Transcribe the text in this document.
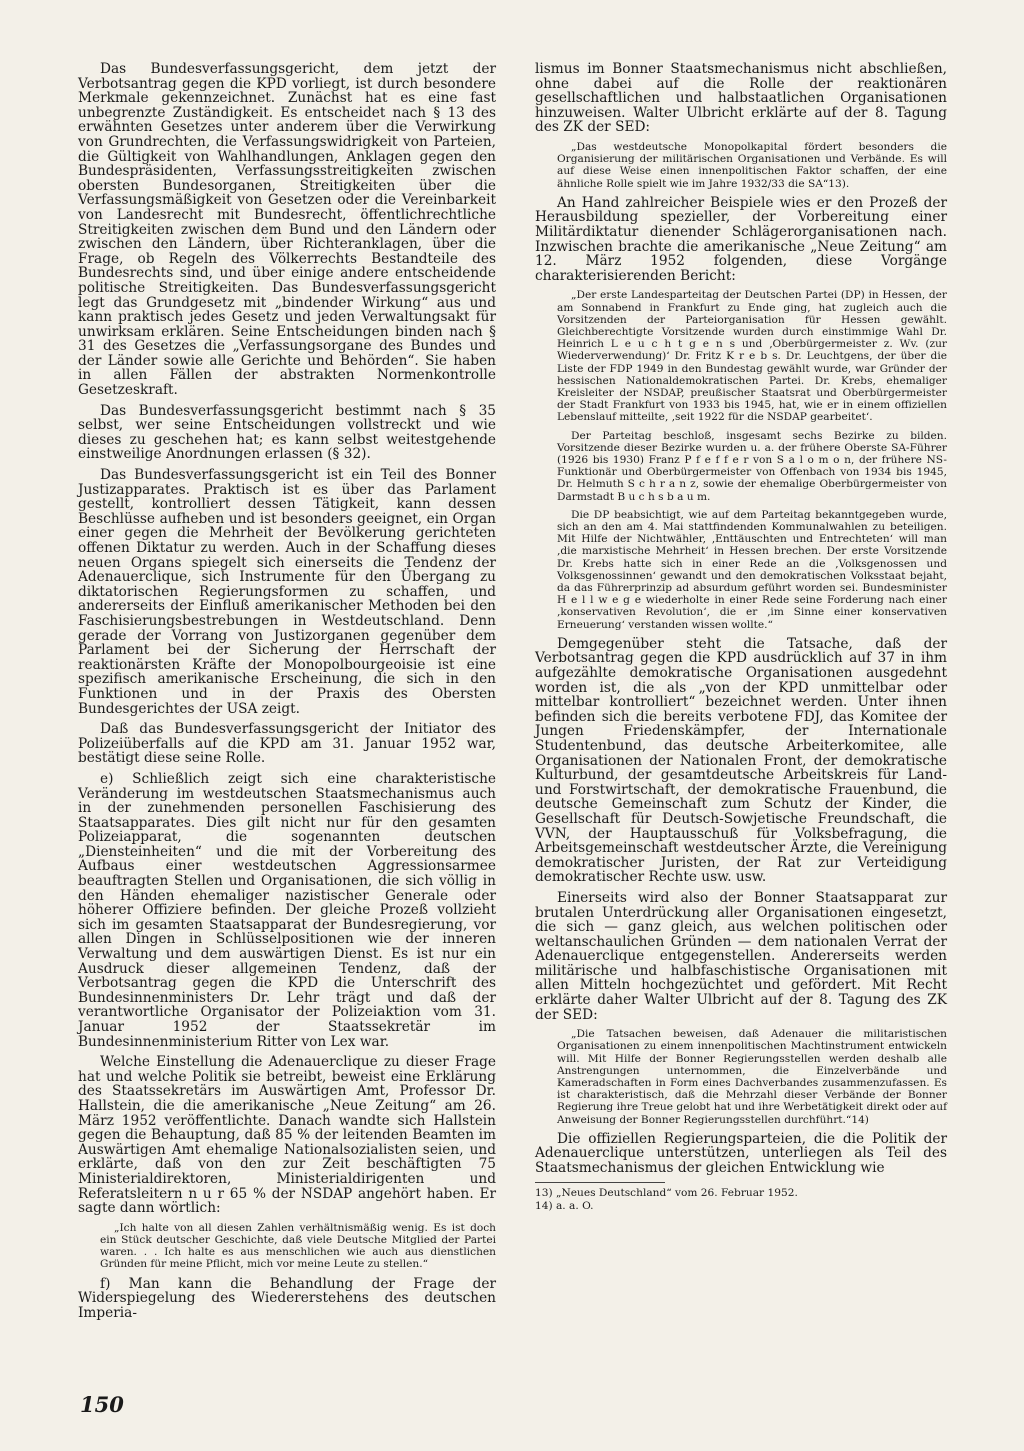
Das Bundesverfassungsgericht, dem jetzt der Verbotsantrag gegen die KPD vorliegt, ist durch besondere Merkmale gekennzeichnet. Zunächst hat es eine fast unbegrenzte Zuständigkeit. Es entscheidet nach § 13 des erwähnten Gesetzes unter anderem über die Verwirkung von Grundrechten, die Verfassungswidrigkeit von Parteien, die Gültigkeit von Wahlhandlungen, Anklagen gegen den Bundespräsidenten, Verfassungsstreitigkeiten zwischen obersten Bundesorganen, Streitigkeiten über die Verfassungsmäßigkeit von Gesetzen oder die Vereinbarkeit von Landesrecht mit Bundesrecht, öffentlichrechtliche Streitigkeiten zwischen dem Bund und den Ländern oder zwischen den Ländern, über Richteranklagen, über die Frage, ob Regeln des Völkerrechts Bestandteile des Bundesrechts sind, und über einige andere entscheidende politische Streitigkeiten. Das Bundesverfassungsgericht legt das Grundgesetz mit „bindender Wirkung“ aus und kann praktisch jedes Gesetz und jeden Verwaltungsakt für unwirksam erklären. Seine Entscheidungen binden nach § 31 des Gesetzes die „Verfassungsorgane des Bundes und der Länder sowie alle Gerichte und Behörden“. Sie haben in allen Fällen der abstrakten Normenkontrolle Gesetzeskraft.

Das Bundesverfassungsgericht bestimmt nach § 35 selbst, wer seine Entscheidungen vollstreckt und wie dieses zu geschehen hat; es kann selbst weitestgehende einstweilige Anordnungen erlassen (§ 32).

Das Bundesverfassungsgericht ist ein Teil des Bonner Justizapparates. Praktisch ist es über das Parlament gestellt, kontrolliert dessen Tätigkeit, kann dessen Beschlüsse aufheben und ist besonders geeignet, ein Organ einer gegen die Mehrheit der Bevölkerung gerichteten offenen Diktatur zu werden. Auch in der Schaffung dieses neuen Organs spiegelt sich einerseits die Tendenz der Adenauerclique, sich Instrumente für den Übergang zu diktatorischen Regierungsformen zu schaffen, und andererseits der Einfluß amerikanischer Methoden bei den Faschisierungsbestrebungen in Westdeutschland. Denn gerade der Vorrang von Justizorganen gegenüber dem Parlament bei der Sicherung der Herrschaft der reaktionärsten Kräfte der Monopolbourgeoisie ist eine spezifisch amerikanische Erscheinung, die sich in den Funktionen und in der Praxis des Obersten Bundesgerichtes der USA zeigt.

Daß das Bundesverfassungsgericht der Initiator des Polizeiüberfalls auf die KPD am 31. Januar 1952 war, bestätigt diese seine Rolle.

e) Schließlich zeigt sich eine charakteristische Veränderung im westdeutschen Staatsmechanismus auch in der zunehmenden personellen Faschisierung des Staatsapparates. Dies gilt nicht nur für den gesamten Polizeiapparat, die sogenannten deutschen „Diensteinheiten“ und die mit der Vorbereitung des Aufbaus einer westdeutschen Aggressionsarmee beauftragten Stellen und Organisationen, die sich völlig in den Händen ehemaliger nazistischer Generale oder höherer Offiziere befinden. Der gleiche Prozeß vollzieht sich im gesamten Staatsapparat der Bundesregierung, vor allen Dingen in Schlüsselpositionen wie der inneren Verwaltung und dem auswärtigen Dienst. Es ist nur ein Ausdruck dieser allgemeinen Tendenz, daß der Verbotsantrag gegen die KPD die Unterschrift des Bundesinnenministers Dr. Lehr trägt und daß der verantwortliche Organisator der Polizeiaktion vom 31. Januar 1952 der Staatssekretär im Bundesinnenministerium Ritter von Lex war.

Welche Einstellung die Adenauerclique zu dieser Frage hat und welche Politik sie betreibt, beweist eine Erklärung des Staatssekretärs im Auswärtigen Amt, Professor Dr. Hallstein, die die amerikanische „Neue Zeitung“ am 26. März 1952 veröffentlichte. Danach wandte sich Hallstein gegen die Behauptung, daß 85 % der leitenden Beamten im Auswärtigen Amt ehemalige Nationalsozialisten seien, und erklärte, daß von den zur Zeit beschäftigten 75 Ministerialdirektoren, Ministerialdirigenten und Referatsleitern n u r 65 % der NSDAP angehört haben. Er sagte dann wörtlich:

„Ich halte von all diesen Zahlen verhältnismäßig wenig. Es ist doch ein Stück deutscher Geschichte, daß viele Deutsche Mitglied der Partei waren. . . Ich halte es aus menschlichen wie auch aus dienstlichen Gründen für meine Pflicht, mich vor meine Leute zu stellen.“

f) Man kann die Behandlung der Frage der Widerspiegelung des Wiedererstehens des deutschen Imperia-

lismus im Bonner Staatsmechanismus nicht abschließen, ohne dabei auf die Rolle der reaktionären gesellschaftlichen und halbstaatlichen Organisationen hinzuweisen. Walter Ulbricht erklärte auf der 8. Tagung des ZK der SED:

„Das westdeutsche Monopolkapital fördert besonders die Organisierung der militärischen Organisationen und Verbände. Es will auf diese Weise einen innenpolitischen Faktor schaffen, der eine ähnliche Rolle spielt wie im Jahre 1932/33 die SA“13).

An Hand zahlreicher Beispiele wies er den Prozeß der Herausbildung spezieller, der Vorbereitung einer Militärdiktatur dienender Schlägerorganisationen nach. Inzwischen brachte die amerikanische „Neue Zeitung“ am 12. März 1952 folgenden, diese Vorgänge charakterisierenden Bericht:

„Der erste Landesparteitag der Deutschen Partei (DP) in Hessen, der am Sonnabend in Frankfurt zu Ende ging, hat zugleich auch die Vorsitzenden der Parteiorganisation für Hessen gewählt. Gleichberechtigte Vorsitzende wurden durch einstimmige Wahl Dr. Heinrich L e u c h t g e n s und ‚Oberbürgermeister z. Wv. (zur Wiederverwendung)‘ Dr. Fritz K r e b s. Dr. Leuchtgens, der über die Liste der FDP 1949 in den Bundestag gewählt wurde, war Gründer der hessischen Nationaldemokratischen Partei. Dr. Krebs, ehemaliger Kreisleiter der NSDAP, preußischer Staatsrat und Oberbürgermeister der Stadt Frankfurt von 1933 bis 1945, hat, wie er in einem offiziellen Lebenslauf mitteilte, ‚seit 1922 für die NSDAP gearbeitet‘.

Der Parteitag beschloß, insgesamt sechs Bezirke zu bilden. Vorsitzende dieser Bezirke wurden u. a. der frühere Oberste SA-Führer (1926 bis 1930) Franz P f e f f e r von S a l o m o n, der frühere NS-Funktionär und Oberbürgermeister von Offenbach von 1934 bis 1945, Dr. Helmuth S c h r a n z, sowie der ehemalige Oberbürgermeister von Darmstadt B u c h s b a u m.

Die DP beabsichtigt, wie auf dem Parteitag bekanntgegeben wurde, sich an den am 4. Mai stattfindenden Kommunalwahlen zu beteiligen. Mit Hilfe der Nichtwähler, ‚Enttäuschten und Entrechteten‘ will man ‚die marxistische Mehrheit‘ in Hessen brechen. Der erste Vorsitzende Dr. Krebs hatte sich in einer Rede an die ‚Volksgenossen und Volksgenossinnen‘ gewandt und den demokratischen Volksstaat bejaht, da das Führerprinzip ad absurdum geführt worden sei. Bundesminister H e l l w e g e wiederholte in einer Rede seine Forderung nach einer ‚konservativen Revolution‘, die er ‚im Sinne einer konservativen Erneuerung‘ verstanden wissen wollte.“

Demgegenüber steht die Tatsache, daß der Verbotsantrag gegen die KPD ausdrücklich auf 37 in ihm aufgezählte demokratische Organisationen ausgedehnt worden ist, die als „von der KPD unmittelbar oder mittelbar kontrolliert“ bezeichnet werden. Unter ihnen befinden sich die bereits verbotene FDJ, das Komitee der Jungen Friedenskämpfer, der Internationale Studentenbund, das deutsche Arbeiterkomitee, alle Organisationen der Nationalen Front, der demokratische Kulturbund, der gesamtdeutsche Arbeitskreis für Land- und Forstwirtschaft, der demokratische Frauenbund, die deutsche Gemeinschaft zum Schutz der Kinder, die Gesellschaft für Deutsch-Sowjetische Freundschaft, die VVN, der Hauptausschuß für Volksbefragung, die Arbeitsgemeinschaft westdeutscher Ärzte, die Vereinigung demokratischer Juristen, der Rat zur Verteidigung demokratischer Rechte usw. usw.

Einerseits wird also der Bonner Staatsapparat zur brutalen Unterdrückung aller Organisationen eingesetzt, die sich — ganz gleich, aus welchen politischen oder weltanschaulichen Gründen — dem nationalen Verrat der Adenauerclique entgegenstellen. Andererseits werden militärische und halbfaschistische Organisationen mit allen Mitteln hochgezüchtet und gefördert. Mit Recht erklärte daher Walter Ulbricht auf der 8. Tagung des ZK der SED:

„Die Tatsachen beweisen, daß Adenauer die militaristischen Organisationen zu einem innenpolitischen Machtinstrument entwickeln will. Mit Hilfe der Bonner Regierungsstellen werden deshalb alle Anstrengungen unternommen, die Einzelverbände und Kameradschaften in Form eines Dachverbandes zusammenzufassen. Es ist charakteristisch, daß die Mehrzahl dieser Verbände der Bonner Regierung ihre Treue gelobt hat und ihre Werbetätigkeit direkt oder auf Anweisung der Bonner Regierungsstellen durchführt.“14)

Die offiziellen Regierungsparteien, die die Politik der Adenauerclique unterstützen, unterliegen als Teil des Staatsmechanismus der gleichen Entwicklung wie

13) „Neues Deutschland“ vom 26. Februar 1952.

14) a. a. O.

150
